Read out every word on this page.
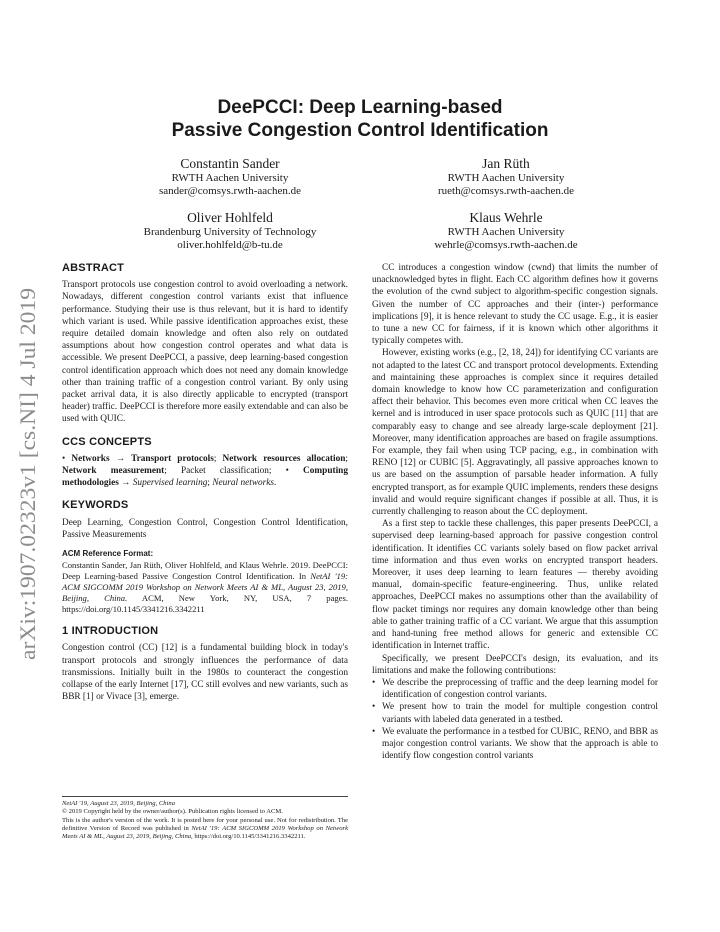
arXiv:1907.02323v1 [cs.NI] 4 Jul 2019
DeePCCI: Deep Learning-based
Passive Congestion Control Identification
Constantin Sander
RWTH Aachen University
sander@comsys.rwth-aachen.de
Jan Rüth
RWTH Aachen University
rueth@comsys.rwth-aachen.de
Oliver Hohlfeld
Brandenburg University of Technology
oliver.hohlfeld@b-tu.de
Klaus Wehrle
RWTH Aachen University
wehrle@comsys.rwth-aachen.de
ABSTRACT

Transport protocols use congestion control to avoid overloading a network. Nowadays, different congestion control variants exist that influence performance. Studying their use is thus relevant, but it is hard to identify which variant is used. While passive identification approaches exist, these require detailed domain knowledge and often also rely on outdated assumptions about how congestion control operates and what data is accessible. We present DeePCCI, a passive, deep learning-based congestion control identification approach which does not need any domain knowledge other than training traffic of a congestion control variant. By only using packet arrival data, it is also directly applicable to encrypted (transport header) traffic. DeePCCI is therefore more easily extendable and can also be used with QUIC.

CCS CONCEPTS

• Networks → Transport protocols; Network resources allocation; Network measurement; Packet classification; • Computing methodologies → Supervised learning; Neural networks.

KEYWORDS

Deep Learning, Congestion Control, Congestion Control Identification, Passive Measurements

ACM Reference Format:

Constantin Sander, Jan Rüth, Oliver Hohlfeld, and Klaus Wehrle. 2019. DeePCCI: Deep Learning-based Passive Congestion Control Identification. In NetAI '19: ACM SIGCOMM 2019 Workshop on Network Meets AI & ML, August 23, 2019, Beijing, China. ACM, New York, NY, USA, 7 pages. https://doi.org/10.1145/3341216.3342211

1 INTRODUCTION

Congestion control (CC) [12] is a fundamental building block in today's transport protocols and strongly influences the performance of data transmissions. Initially built in the 1980s to counteract the congestion collapse of the early Internet [17], CC still evolves and new variants, such as BBR [1] or Vivace [3], emerge.

NetAI '19, August 23, 2019, Beijing, China
© 2019 Copyright held by the owner/author(s). Publication rights licensed to ACM.
This is the author's version of the work. It is posted here for your personal use. Not for redistribution. The definitive Version of Record was published in NetAI '19: ACM SIGCOMM 2019 Workshop on Network Meets AI & ML, August 23, 2019, Beijing, China, https://doi.org/10.1145/3341216.3342211.

CC introduces a congestion window (cwnd) that limits the number of unacknowledged bytes in flight. Each CC algorithm defines how it governs the evolution of the cwnd subject to algorithm-specific congestion signals. Given the number of CC approaches and their (inter-) performance implications [9], it is hence relevant to study the CC usage. E.g., it is easier to tune a new CC for fairness, if it is known which other algorithms it typically competes with.

However, existing works (e.g., [2, 18, 24]) for identifying CC variants are not adapted to the latest CC and transport protocol developments. Extending and maintaining these approaches is complex since it requires detailed domain knowledge to know how CC parameterization and configuration affect their behavior. This becomes even more critical when CC leaves the kernel and is introduced in user space protocols such as QUIC [11] that are comparably easy to change and see already large-scale deployment [21]. Moreover, many identification approaches are based on fragile assumptions. For example, they fail when using TCP pacing, e.g., in combination with RENO [12] or CUBIC [5]. Aggravatingly, all passive approaches known to us are based on the assumption of parsable header information. A fully encrypted transport, as for example QUIC implements, renders these designs invalid and would require significant changes if possible at all. Thus, it is currently challenging to reason about the CC deployment.

As a first step to tackle these challenges, this paper presents DeePCCI, a supervised deep learning-based approach for passive congestion control identification. It identifies CC variants solely based on flow packet arrival time information and thus even works on encrypted transport headers. Moreover, it uses deep learning to learn features — thereby avoiding manual, domain-specific feature-engineering. Thus, unlike related approaches, DeePCCI makes no assumptions other than the availability of flow packet timings nor requires any domain knowledge other than being able to gather training traffic of a CC variant. We argue that this assumption and hand-tuning free method allows for generic and extensible CC identification in Internet traffic.

Specifically, we present DeePCCI's design, its evaluation, and its limitations and make the following contributions:

• We describe the preprocessing of traffic and the deep learning model for identification of congestion control variants.
• We present how to train the model for multiple congestion control variants with labeled data generated in a testbed.
• We evaluate the performance in a testbed for CUBIC, RENO, and BBR as major congestion control variants. We show that the approach is able to identify flow congestion control variants
